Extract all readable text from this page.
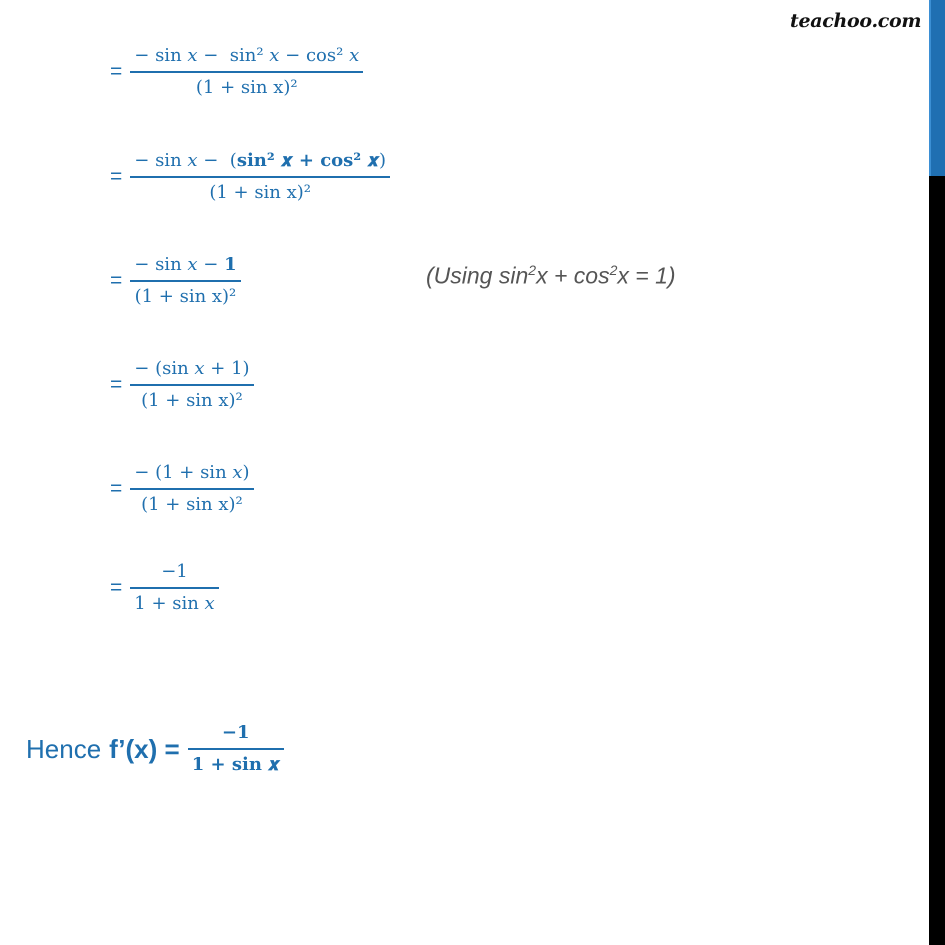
teachoo.com
= $\frac{\text{− sin 𝑥 −  sin² 𝑥 − cos² 𝑥}}{\text{(1 + sin x)²}}$
= $\frac{\text{− sin 𝑥 −  (sin² 𝒙 + cos² 𝒙)}}{\text{(1 + sin x)²}}$
= $\frac{\text{− sin 𝑥 − 𝟏}}{\text{(1 + sin x)²}}$	(Using $\sin^2x + \cos^2x = 1$)
= $\frac{\text{− (sin 𝑥 + 1)}}{\text{(1 + sin x)²}}$
= $\frac{\text{− (1 + sin 𝑥)}}{\text{(1 + sin x)²}}$
= $\frac{-1}{\text{1 + sin 𝑥}}$
Hence f’(x) = $\frac{-𝟏}{\text{𝟏 + 𝐬𝐢𝐧 𝒙}}$
